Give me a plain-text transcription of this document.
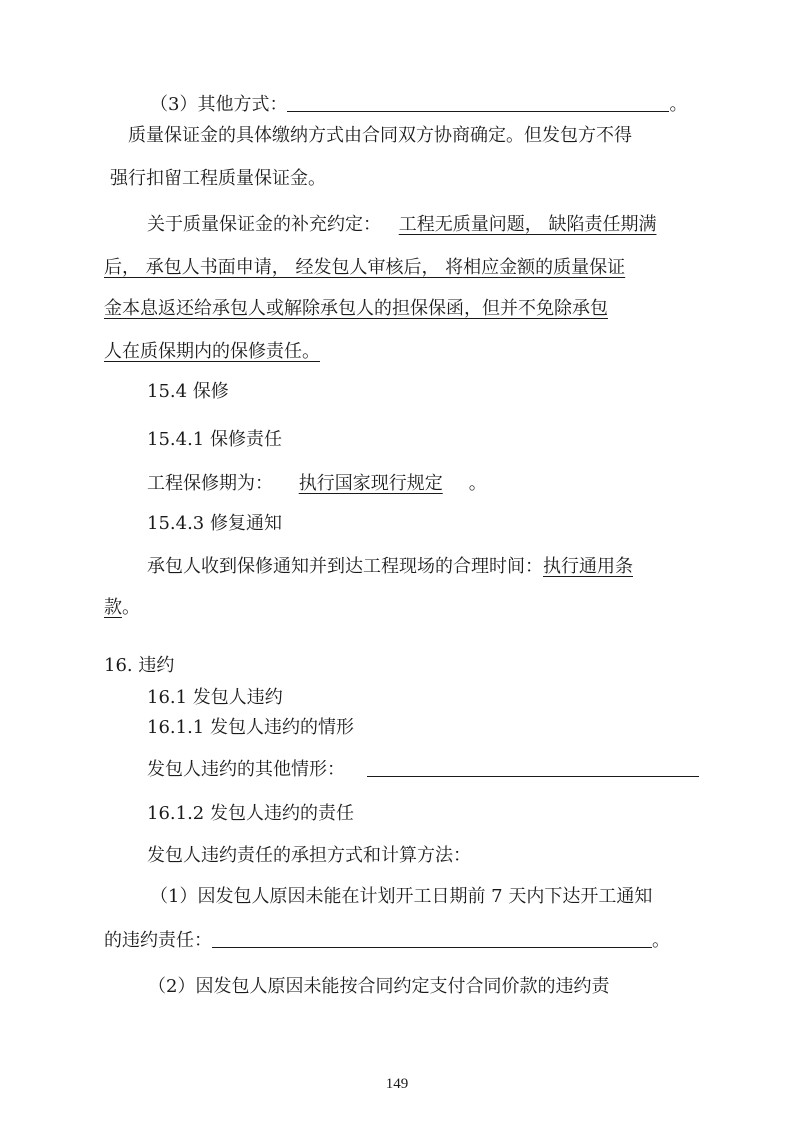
（3）其他方式：	。
质量保证金的具体缴纳方式由合同双方协商确定。但发包方不得
强行扣留工程质量保证金。
关于质量保证金的补充约定： 工程无质量问题， 缺陷责任期满
后， 承包人书面申请， 经发包人审核后， 将相应金额的质量保证
金本息返还给承包人或解除承包人的担保保函，但并不免除承包
人在质保期内的保修责任。
15.4 保修
15.4.1 保修责任
工程保修期为： 执行国家现行规定 。
15.4.3 修复通知
承包人收到保修通知并到达工程现场的合理时间：执行通用条
款。
16. 违约
16.1 发包人违约
16.1.1 发包人违约的情形
发包人违约的其他情形：
16.1.2 发包人违约的责任
发包人违约责任的承担方式和计算方法：
（1）因发包人原因未能在计划开工日期前 7 天内下达开工通知
的违约责任：	。
（2）因发包人原因未能按合同约定支付合同价款的违约责
149
